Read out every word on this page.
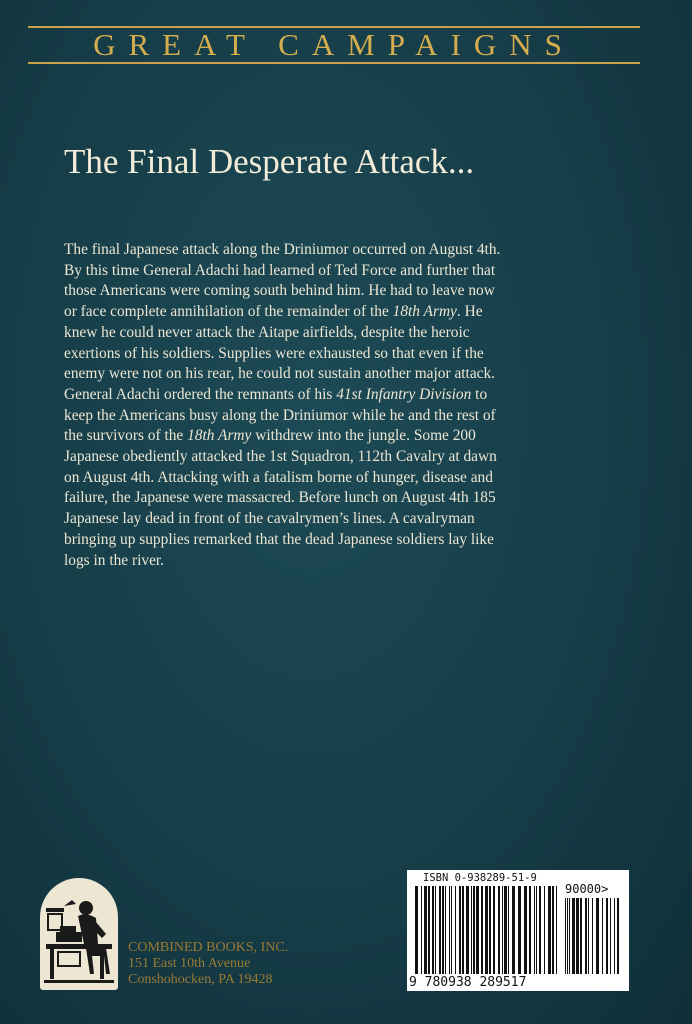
GREAT CAMPAIGNS
The Final Desperate Attack...
The final Japanese attack along the Driniumor occurred on August 4th.
By this time General Adachi had learned of Ted Force and further that
those Americans were coming south behind him. He had to leave now
or face complete annihilation of the remainder of the 18th Army. He
knew he could never attack the Aitape airfields, despite the heroic
exertions of his soldiers. Supplies were exhausted so that even if the
enemy were not on his rear, he could not sustain another major attack.
General Adachi ordered the remnants of his 41st Infantry Division to
keep the Americans busy along the Driniumor while he and the rest of
the survivors of the 18th Army withdrew into the jungle. Some 200
Japanese obediently attacked the 1st Squadron, 112th Cavalry at dawn
on August 4th. Attacking with a fatalism borne of hunger, disease and
failure, the Japanese were massacred. Before lunch on August 4th 185
Japanese lay dead in front of the cavalrymen’s lines. A cavalryman
bringing up supplies remarked that the dead Japanese soldiers lay like
logs in the river.
COMBINED BOOKS, INC.
151 East 10th Avenue
Conshohocken, PA 19428
ISBN 0-938289-51-9
90000>
9 780938 289517
